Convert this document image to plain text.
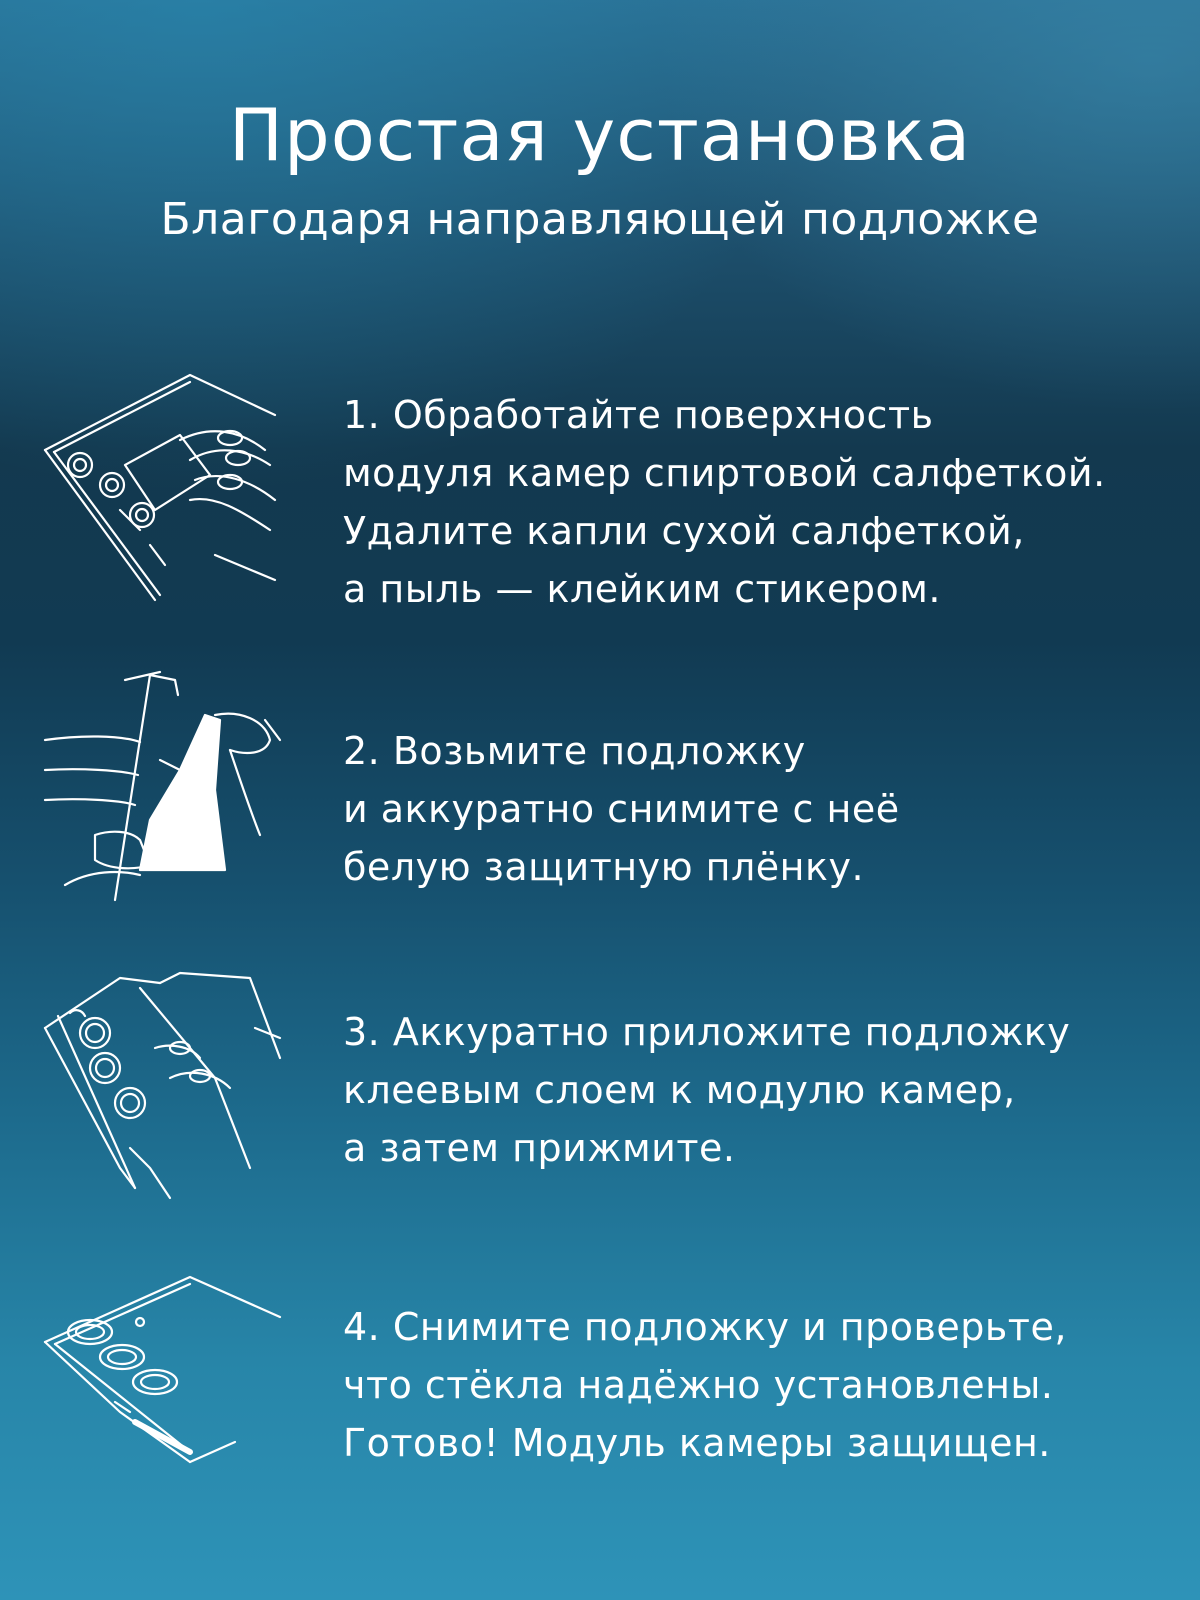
Простая установка
Благодаря направляющей подложке
1. Обработайте поверхность
модуля камер спиртовой салфеткой.
Удалите капли сухой салфеткой,
а пыль — клейким стикером.
2. Возьмите подложку
и аккуратно снимите с неё
белую защитную плёнку.
3. Аккуратно приложите подложку
клеевым слоем к модулю камер,
а затем прижмите.
4. Снимите подложку и проверьте,
что стёкла надёжно установлены.
Готово! Модуль камеры защищен.
